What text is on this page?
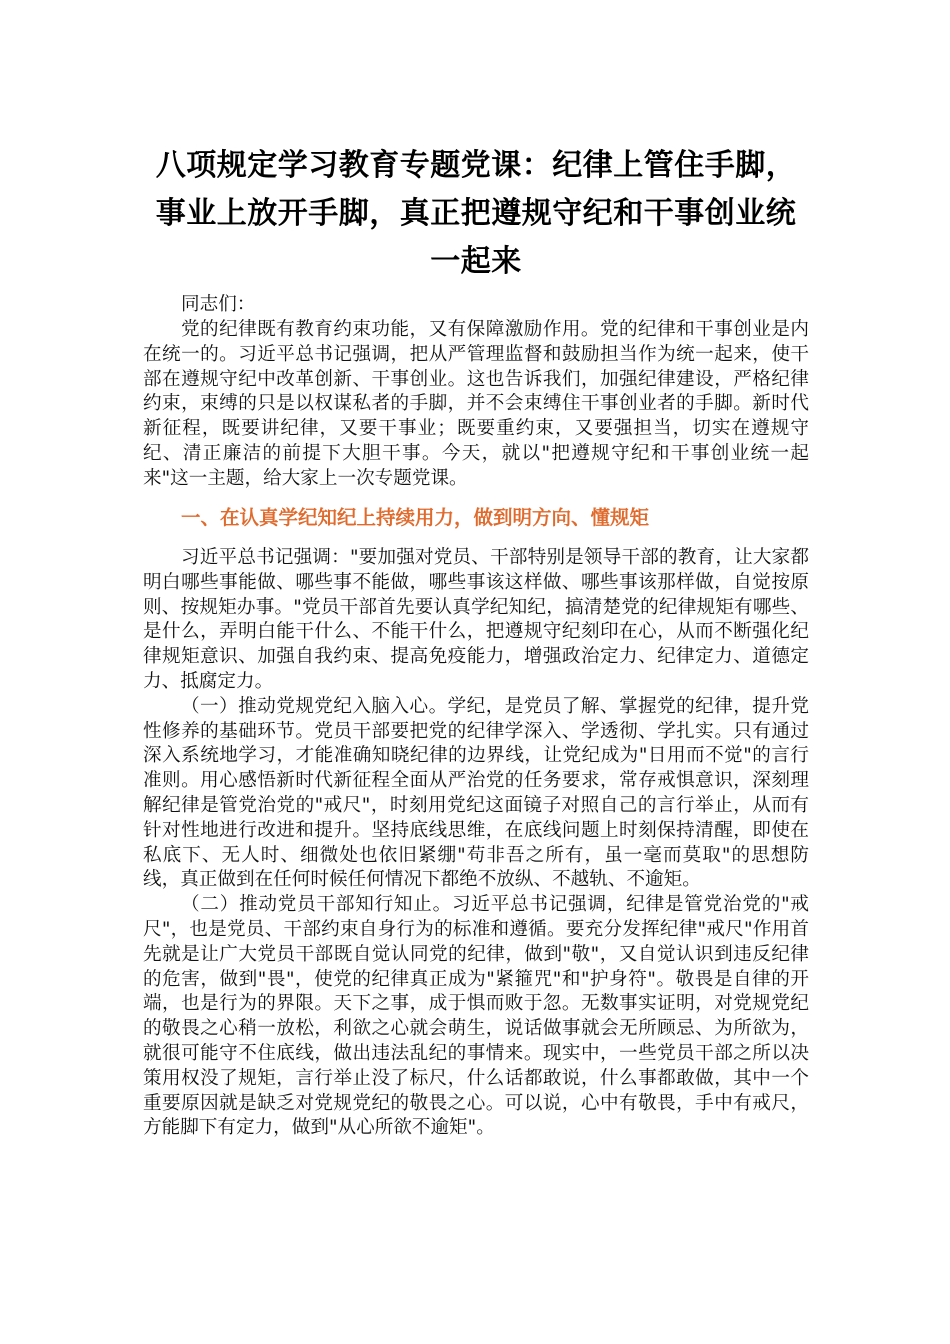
八项规定学习教育专题党课：纪律上管住手脚，事业上放开手脚，真正把遵规守纪和干事创业统一起来

同志们：

党的纪律既有教育约束功能，又有保障激励作用。党的纪律和干事创业是内在统一的。习近平总书记强调，把从严管理监督和鼓励担当作为统一起来，使干部在遵规守纪中改革创新、干事创业。这也告诉我们，加强纪律建设，严格纪律约束，束缚的只是以权谋私者的手脚，并不会束缚住干事创业者的手脚。新时代新征程，既要讲纪律，又要干事业；既要重约束，又要强担当，切实在遵规守纪、清正廉洁的前提下大胆干事。今天，就以"把遵规守纪和干事创业统一起来"这一主题，给大家上一次专题党课。

一、在认真学纪知纪上持续用力，做到明方向、懂规矩

习近平总书记强调："要加强对党员、干部特别是领导干部的教育，让大家都明白哪些事能做、哪些事不能做，哪些事该这样做、哪些事该那样做，自觉按原则、按规矩办事。"党员干部首先要认真学纪知纪，搞清楚党的纪律规矩有哪些、是什么，弄明白能干什么、不能干什么，把遵规守纪刻印在心，从而不断强化纪律规矩意识、加强自我约束、提高免疫能力，增强政治定力、纪律定力、道德定力、抵腐定力。

（一）推动党规党纪入脑入心。学纪，是党员了解、掌握党的纪律，提升党性修养的基础环节。党员干部要把党的纪律学深入、学透彻、学扎实。只有通过深入系统地学习，才能准确知晓纪律的边界线，让党纪成为"日用而不觉"的言行准则。用心感悟新时代新征程全面从严治党的任务要求，常存戒惧意识，深刻理解纪律是管党治党的"戒尺"，时刻用党纪这面镜子对照自己的言行举止，从而有针对性地进行改进和提升。坚持底线思维，在底线问题上时刻保持清醒，即使在私底下、无人时、细微处也依旧紧绷"苟非吾之所有，虽一毫而莫取"的思想防线，真正做到在任何时候任何情况下都绝不放纵、不越轨、不逾矩。

（二）推动党员干部知行知止。习近平总书记强调，纪律是管党治党的"戒尺"，也是党员、干部约束自身行为的标准和遵循。要充分发挥纪律"戒尺"作用首先就是让广大党员干部既自觉认同党的纪律，做到"敬"，又自觉认识到违反纪律的危害，做到"畏"，使党的纪律真正成为"紧箍咒"和"护身符"。敬畏是自律的开端，也是行为的界限。天下之事，成于惧而败于忽。无数事实证明，对党规党纪的敬畏之心稍一放松，利欲之心就会萌生，说话做事就会无所顾忌、为所欲为，就很可能守不住底线，做出违法乱纪的事情来。现实中，一些党员干部之所以决策用权没了规矩，言行举止没了标尺，什么话都敢说，什么事都敢做，其中一个重要原因就是缺乏对党规党纪的敬畏之心。可以说，心中有敬畏，手中有戒尺，方能脚下有定力，做到"从心所欲不逾矩"。
